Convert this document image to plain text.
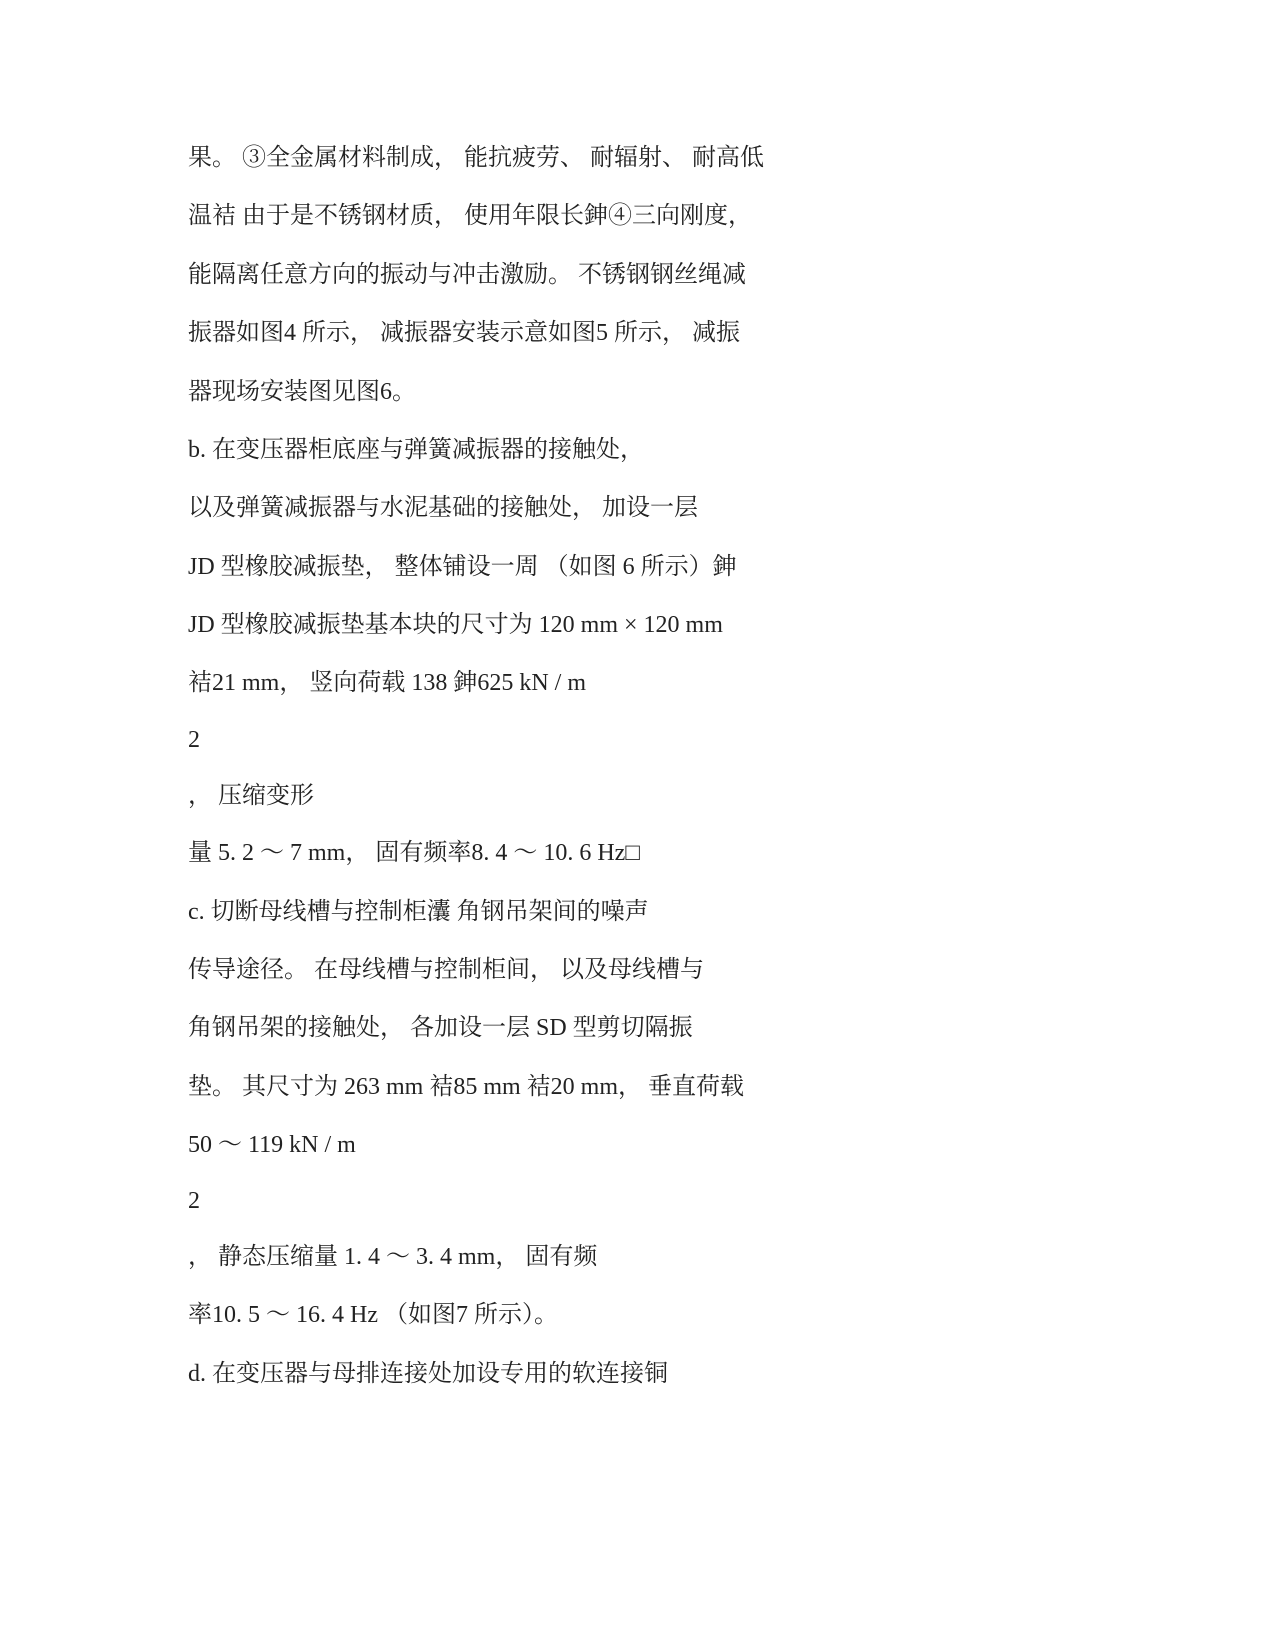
果。 ③全金属材料制成， 能抗疲劳、 耐辐射、 耐高低
温袺 由于是不锈钢材质， 使用年限长鉮④三向刚度，
能隔离任意方向的振动与冲击激励。 不锈钢钢丝绳减
振器如图4 所示， 减振器安装示意如图5 所示， 减振
器现场安装图见图6。
b. 在变压器柜底座与弹簧减振器的接触处，
以及弹簧减振器与水泥基础的接触处， 加设一层
JD 型橡胶减振垫， 整体铺设一周 （如图 6 所示）鉮
JD 型橡胶减振垫基本块的尺寸为 120 mm × 120 mm
袺21 mm， 竖向荷载 138 鉮625 kN / m
2
， 压缩变形
量 5. 2 ～ 7 mm， 固有频率8. 4 ～ 10. 6 Hz□
c. 切断母线槽与控制柜灢 角钢吊架间的噪声
传导途径。 在母线槽与控制柜间， 以及母线槽与
角钢吊架的接触处， 各加设一层 SD 型剪切隔振
垫。 其尺寸为 263 mm 袺85 mm 袺20 mm， 垂直荷载
50 ～ 119 kN / m
2
， 静态压缩量 1. 4 ～ 3. 4 mm， 固有频
率10. 5 ～ 16. 4 Hz （如图7 所示）。
d. 在变压器与母排连接处加设专用的软连接铜
